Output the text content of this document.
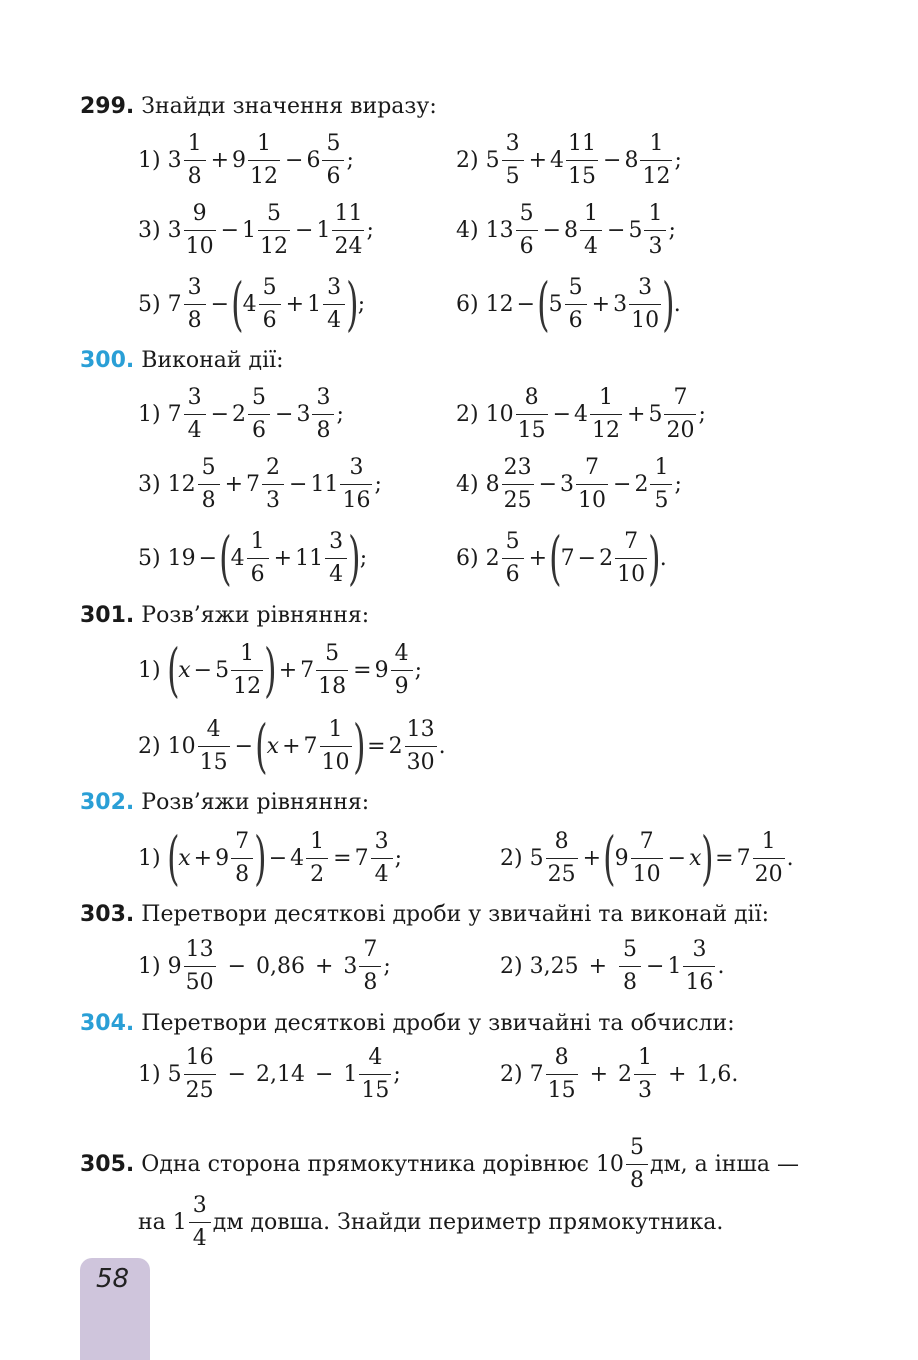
299. Знайди значення виразу:
1)
$3 \frac{1}{8} + 9 \frac{1}{12} - 6 \frac{5}{6}$ ;	2)
$5 \frac{3}{5} + 4 \frac{11}{15} - 8 \frac{1}{12}$ ;
3)
$3 \frac{9}{10} - 1 \frac{5}{12} - 1 \frac{11}{24}$ ;	4)
$13 \frac{5}{6} - 8 \frac{1}{4} - 5 \frac{1}{3}$ ;
5)
$7 \frac{3}{8}$ − ( $4 \frac{5}{6} + 1 \frac{3}{4}$ ) ;	6)
12 − ( $5 \frac{5}{6} + 3 \frac{3}{10}$ ) .
300. Виконай дії:
1)
$7 \frac{3}{4} - 2 \frac{5}{6} - 3 \frac{3}{8}$ ;	2)
$10 \frac{8}{15} - 4 \frac{1}{12} + 5 \frac{7}{20}$ ;
3)
$12 \frac{5}{8} + 7 \frac{2}{3} - 11 \frac{3}{16}$ ;	4)
$8 \frac{23}{25} - 3 \frac{7}{10} - 2 \frac{1}{5}$ ;
5)
19 − ( $4 \frac{1}{6} + 11 \frac{3}{4}$ ) ;	6)
$2 \frac{5}{6}$ + ( $7 - 2 \frac{7}{10}$ ) .
301. Розв’яжи рівняння:
1)
( $x - 5 \frac{1}{12}$ ) + $7 \frac{5}{18} = 9 \frac{4}{9}$ ;
2)
$10 \frac{4}{15}$ − ( $x + 7 \frac{1}{10}$ ) = $2 \frac{13}{30}$ .
302. Розв’яжи рівняння:
1)
( $x + 9 \frac{7}{8}$ ) − $4 \frac{1}{2} = 7 \frac{3}{4}$ ;	2)
$5 \frac{8}{25}$ + ( $9 \frac{7}{10} - x$ ) = $7 \frac{1}{20}$ .
303. Перетвори десяткові дроби у звичайні та виконай дії:
1)
$9 \frac{13}{50} - 0,86 + 3 \frac{7}{8}$ ;	2)
$3,25 + \frac{5}{8} - 1 \frac{3}{16}$ .
304. Перетвори десяткові дроби у звичайні та обчисли:
1)
$5 \frac{16}{25} - 2,14 - 1 \frac{4}{15}$ ;	2)
$7 \frac{8}{15} + 2 \frac{1}{3} + 1,6$.
305.
Одна сторона прямокутника дорівнює $10 \frac{5}{8}$ дм, а інша —
на $1 \frac{3}{4}$ дм довша. Знайди периметр прямокутника.
58
